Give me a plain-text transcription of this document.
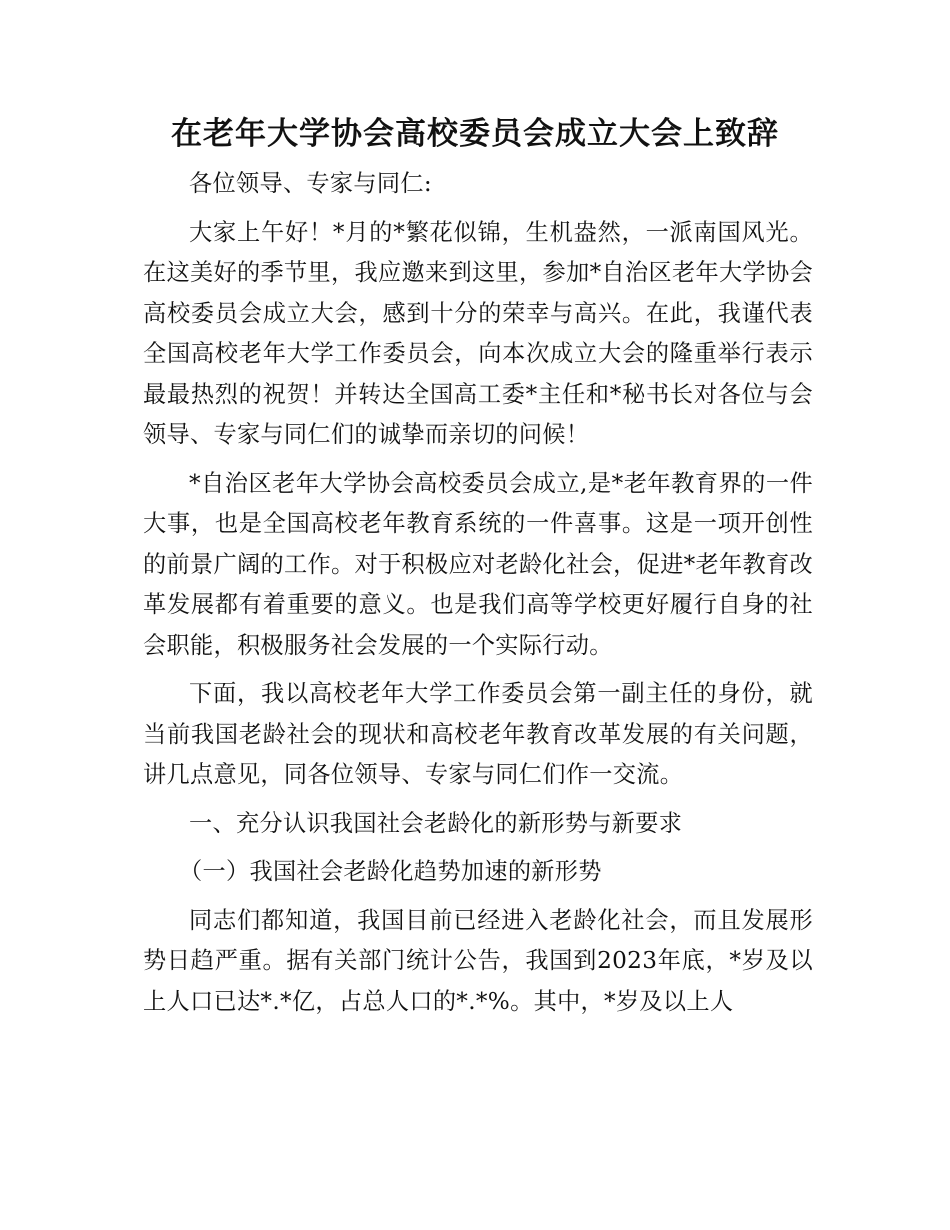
在老年大学协会高校委员会成立大会上致辞

各位领导、专家与同仁:

大家上午好！*月的*繁花似锦，生机盎然，一派南国风光。在这美好的季节里，我应邀来到这里，参加*自治区老年大学协会高校委员会成立大会，感到十分的荣幸与高兴。在此，我谨代表全国高校老年大学工作委员会，向本次成立大会的隆重举行表示最最热烈的祝贺！并转达全国高工委*主任和*秘书长对各位与会领导、专家与同仁们的诚挚而亲切的问候！

*自治区老年大学协会高校委员会成立,是*老年教育界的一件大事，也是全国高校老年教育系统的一件喜事。这是一项开创性的前景广阔的工作。对于积极应对老龄化社会，促进*老年教育改革发展都有着重要的意义。也是我们高等学校更好履行自身的社会职能，积极服务社会发展的一个实际行动。

下面，我以高校老年大学工作委员会第一副主任的身份，就当前我国老龄社会的现状和高校老年教育改革发展的有关问题，讲几点意见，同各位领导、专家与同仁们作一交流。

一、充分认识我国社会老龄化的新形势与新要求

（一）我国社会老龄化趋势加速的新形势

同志们都知道，我国目前已经进入老龄化社会，而且发展形势日趋严重。据有关部门统计公告，我国到2023年底，*岁及以上人口已达*.*亿，占总人口的*.*%。其中，*岁及以上人
